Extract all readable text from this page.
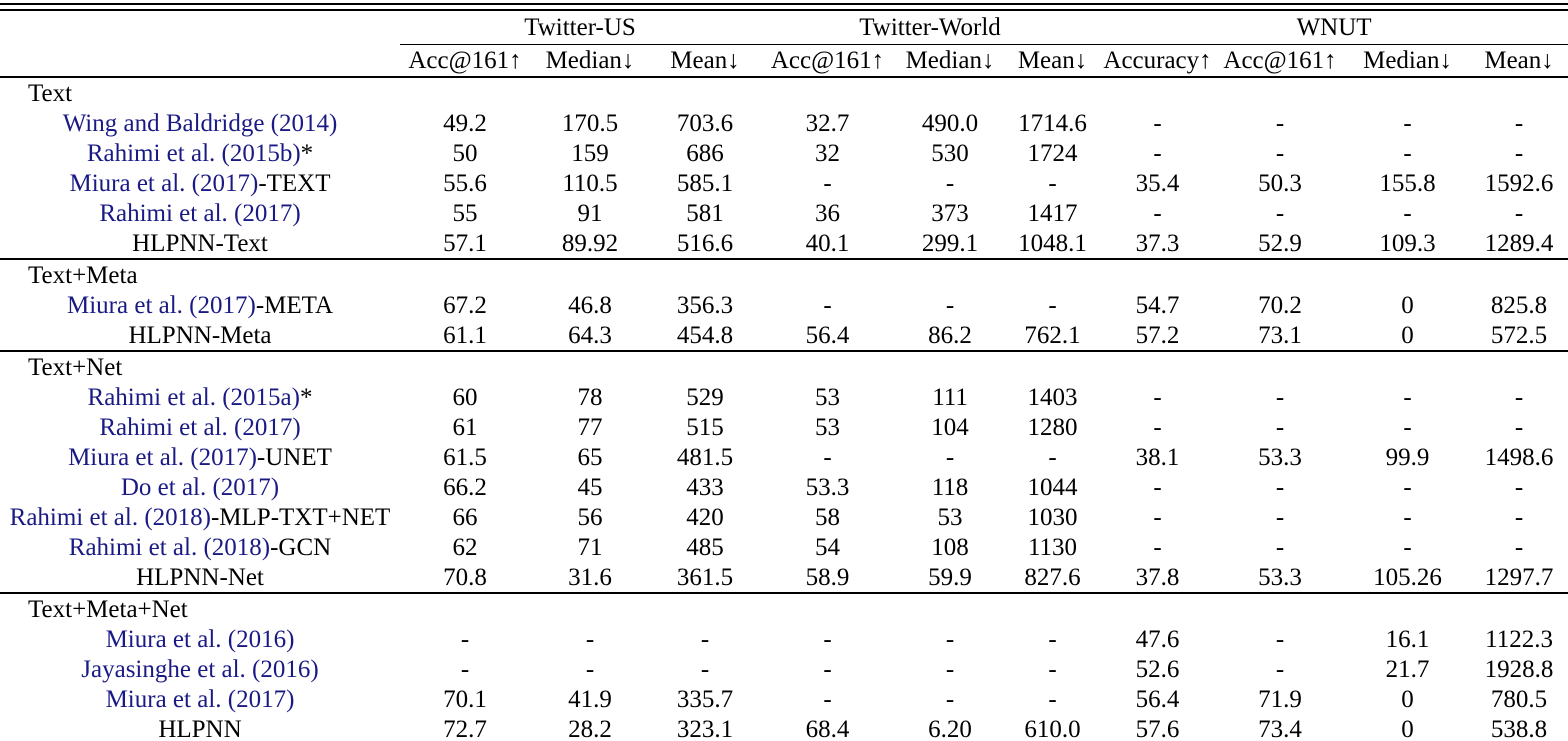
	Twitter-US			Twitter-World			WNUT			
	Acc@161↑	Median↓	Mean↓	Acc@161↑	Median↓	Mean↓	Accuracy↑	Acc@161↑	Median↓	Mean↓
Text										
Wing and Baldridge (2014)	49.2	170.5	703.6	32.7	490.0	1714.6	-	-	-	-
Rahimi et al. (2015b)*	50	159	686	32	530	1724	-	-	-	-
Miura et al. (2017)-TEXT	55.6	110.5	585.1	-	-	-	35.4	50.3	155.8	1592.6
Rahimi et al. (2017)	55	91	581	36	373	1417	-	-	-	-
HLPNN-Text	57.1	89.92	516.6	40.1	299.1	1048.1	37.3	52.9	109.3	1289.4
Text+Meta										
Miura et al. (2017)-META	67.2	46.8	356.3	-	-	-	54.7	70.2	0	825.8
HLPNN-Meta	61.1	64.3	454.8	56.4	86.2	762.1	57.2	73.1	0	572.5
Text+Net										
Rahimi et al. (2015a)*	60	78	529	53	111	1403	-	-	-	-
Rahimi et al. (2017)	61	77	515	53	104	1280	-	-	-	-
Miura et al. (2017)-UNET	61.5	65	481.5	-	-	-	38.1	53.3	99.9	1498.6
Do et al. (2017)	66.2	45	433	53.3	118	1044	-	-	-	-
Rahimi et al. (2018)-MLP-TXT+NET	66	56	420	58	53	1030	-	-	-	-
Rahimi et al. (2018)-GCN	62	71	485	54	108	1130	-	-	-	-
HLPNN-Net	70.8	31.6	361.5	58.9	59.9	827.6	37.8	53.3	105.26	1297.7
Text+Meta+Net										
Miura et al. (2016)	-	-	-	-	-	-	47.6	-	16.1	1122.3
Jayasinghe et al. (2016)	-	-	-	-	-	-	52.6	-	21.7	1928.8
Miura et al. (2017)	70.1	41.9	335.7	-	-	-	56.4	71.9	0	780.5
HLPNN	72.7	28.2	323.1	68.4	6.20	610.0	57.6	73.4	0	538.8
